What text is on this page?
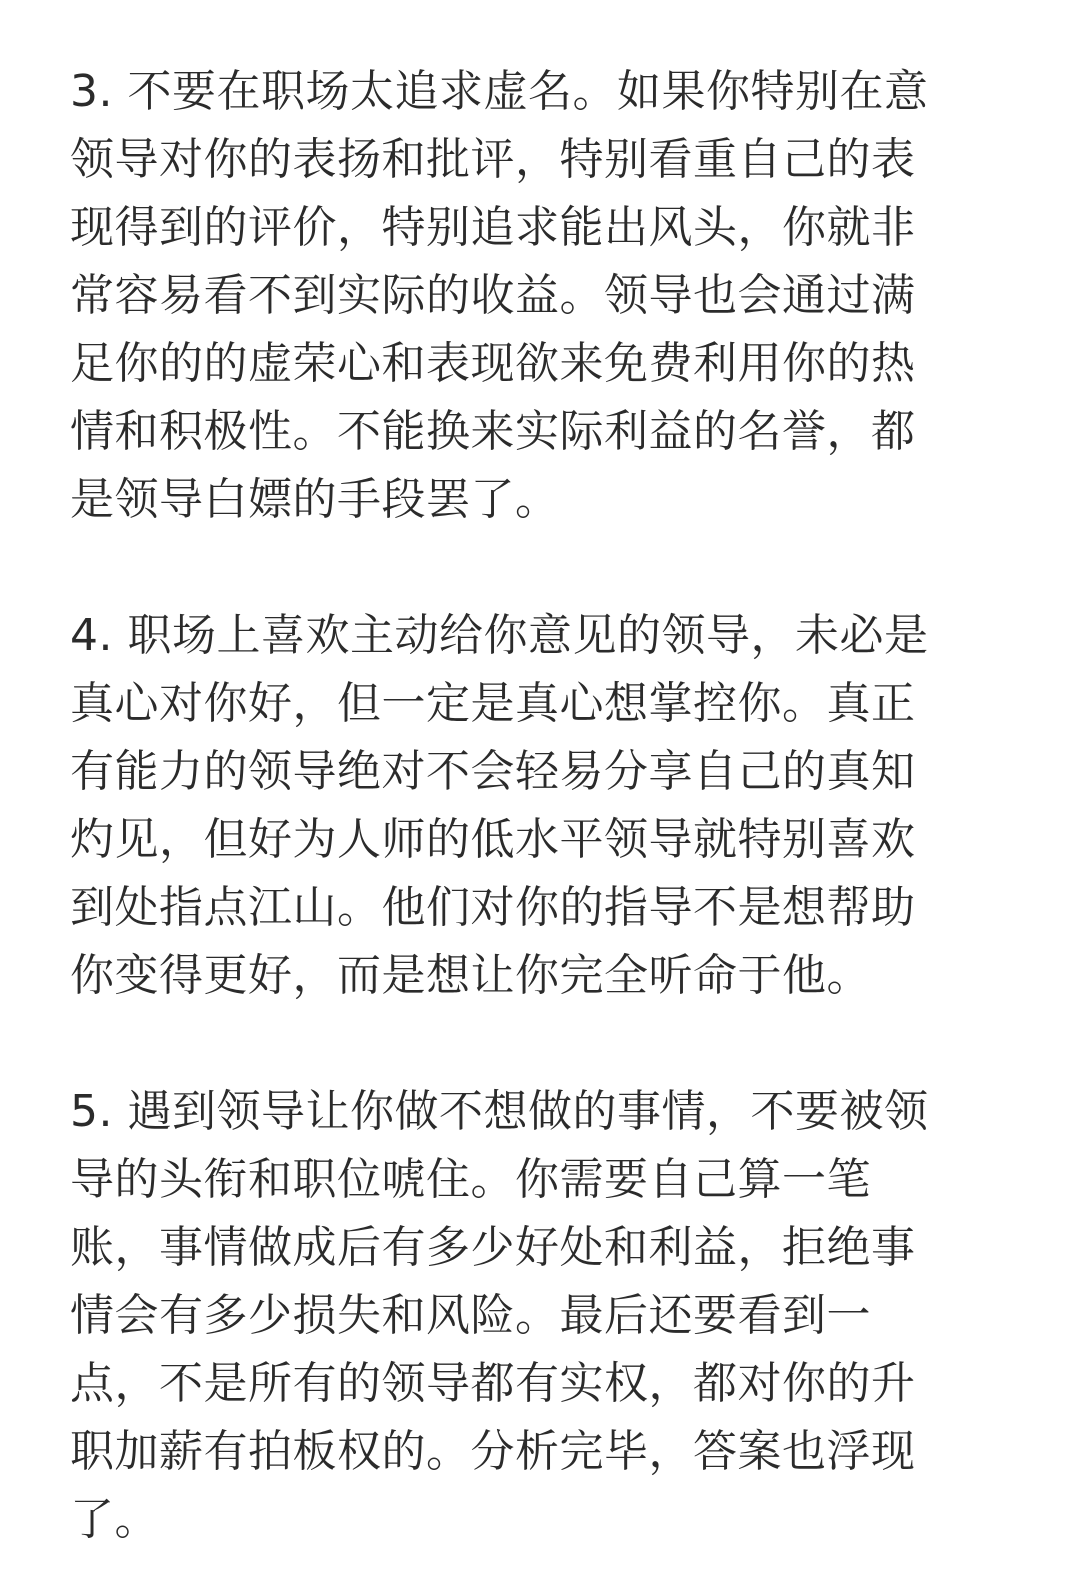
3. 不要在职场太追求虚名。如果你特别在意
领导对你的表扬和批评，特别看重自己的表
现得到的评价，特别追求能出风头，你就非
常容易看不到实际的收益。领导也会通过满
足你的的虚荣心和表现欲来免费利用你的热
情和积极性。不能换来实际利益的名誉，都
是领导白嫖的手段罢了。

4. 职场上喜欢主动给你意见的领导，未必是
真心对你好，但一定是真心想掌控你。真正
有能力的领导绝对不会轻易分享自己的真知
灼见，但好为人师的低水平领导就特别喜欢
到处指点江山。他们对你的指导不是想帮助
你变得更好，而是想让你完全听命于他。

5. 遇到领导让你做不想做的事情，不要被领
导的头衔和职位唬住。你需要自己算一笔
账，事情做成后有多少好处和利益，拒绝事
情会有多少损失和风险。最后还要看到一
点，不是所有的领导都有实权，都对你的升
职加薪有拍板权的。分析完毕，答案也浮现
了。
